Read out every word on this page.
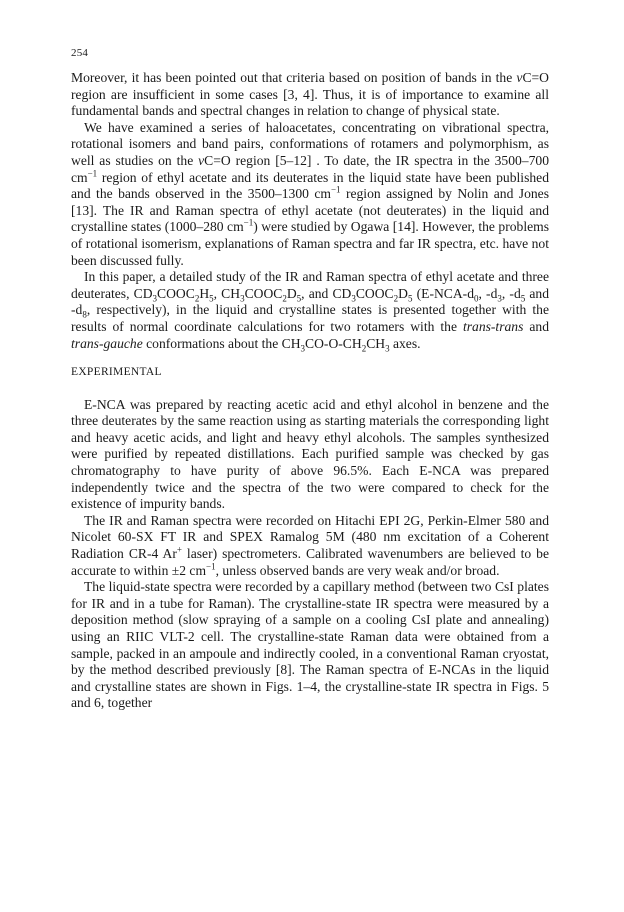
254

Moreover, it has been pointed out that criteria based on position of bands in the νC=O region are insufficient in some cases [3, 4]. Thus, it is of importance to examine all fundamental bands and spectral changes in relation to change of physical state.

We have examined a series of haloacetates, concentrating on vibrational spectra, rotational isomers and band pairs, conformations of rotamers and polymorphism, as well as studies on the νC=O region [5–12] . To date, the IR spectra in the 3500–700 $cm^{-1}$ region of ethyl acetate and its deuterates in the liquid state have been published and the bands observed in the 3500–1300 $cm^{-1}$ region assigned by Nolin and Jones [13]. The IR and Raman spectra of ethyl acetate (not deuterates) in the liquid and crystalline states (1000–280 $cm^{-1}$) were studied by Ogawa [14]. However, the problems of rotational isomerism, explanations of Raman spectra and far IR spectra, etc. have not been discussed fully.

In this paper, a detailed study of the IR and Raman spectra of ethyl acetate and three deuterates, $CD_3COOC_2H_5$, $CH_3COOC_2D_5$, and $CD_3COOC_2D_5$ ($E-NCA-d_0$, $-d_3$, $-d_5$ and $-d_8$, respectively), in the liquid and crystalline states is presented together with the results of normal coordinate calculations for two rotamers with the trans-trans and trans-gauche conformations about the $CH_3CO-O-CH_2CH_3$ axes.

EXPERIMENTAL

E-NCA was prepared by reacting acetic acid and ethyl alcohol in benzene and the three deuterates by the same reaction using as starting materials the corresponding light and heavy acetic acids, and light and heavy ethyl alcohols. The samples synthesized were purified by repeated distillations. Each purified sample was checked by gas chromatography to have purity of above 96.5%. Each E-NCA was prepared independently twice and the spectra of the two were compared to check for the existence of impurity bands.

The IR and Raman spectra were recorded on Hitachi EPI 2G, Perkin-Elmer 580 and Nicolet 60-SX FT IR and SPEX Ramalog 5M (480 nm excitation of a Coherent Radiation CR-4 Ar+ laser) spectrometers. Calibrated wavenumbers are believed to be accurate to within ±2 $cm^{-1}$, unless observed bands are very weak and/or broad.

The liquid-state spectra were recorded by a capillary method (between two CsI plates for IR and in a tube for Raman). The crystalline-state IR spectra were measured by a deposition method (slow spraying of a sample on a cooling CsI plate and annealing) using an RIIC VLT-2 cell. The crystalline-state Raman data were obtained from a sample, packed in an ampoule and indirectly cooled, in a conventional Raman cryostat, by the method described previously [8]. The Raman spectra of E-NCAs in the liquid and crystalline states are shown in Figs. 1–4, the crystalline-state IR spectra in Figs. 5 and 6, together
